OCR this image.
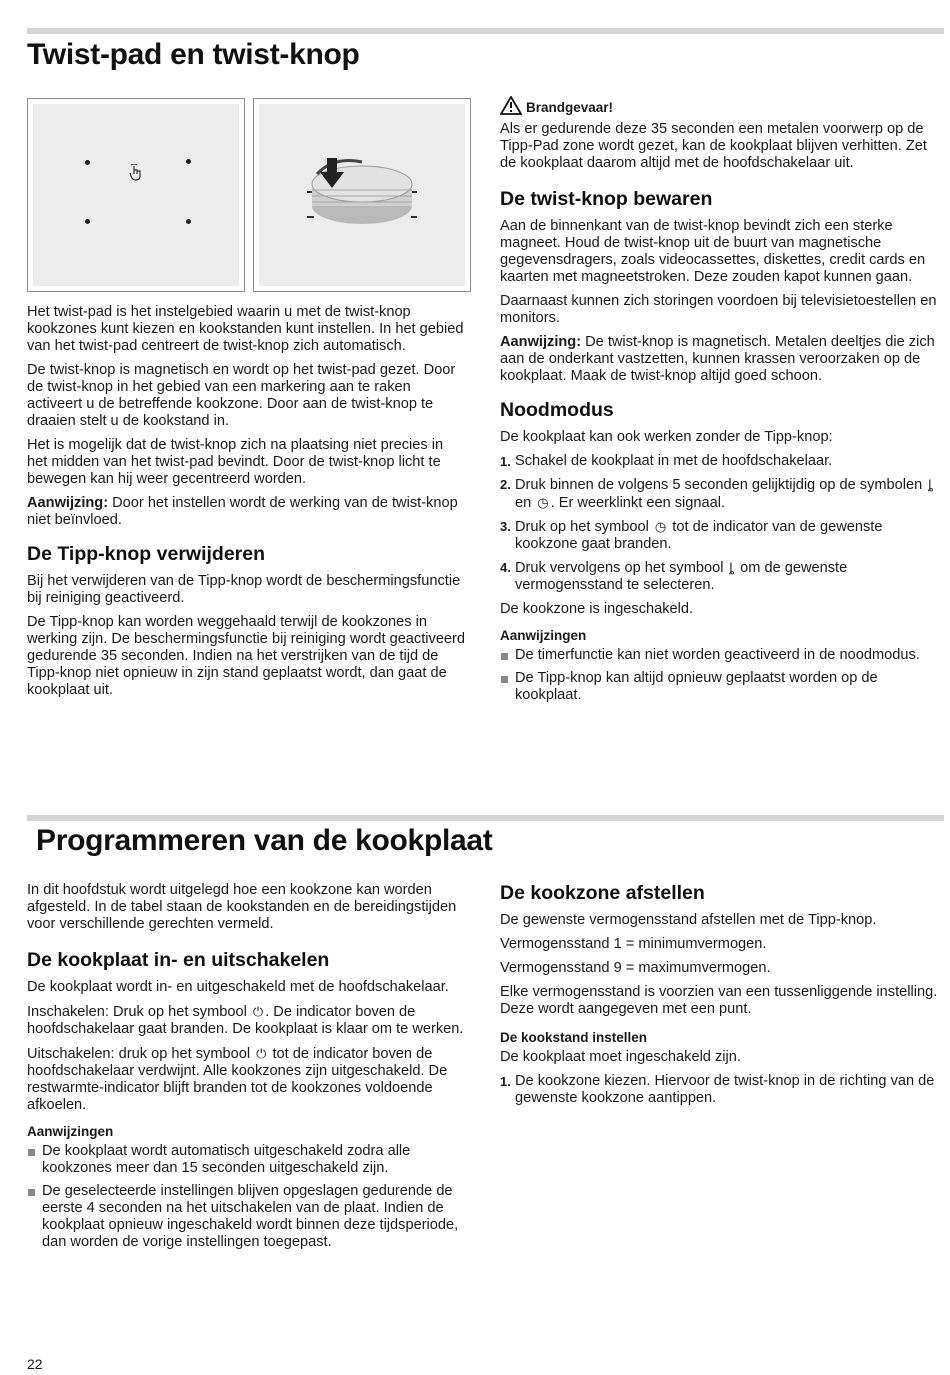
Twist-pad en twist-knop

Het twist-pad is het instelgebied waarin u met de twist-knop kookzones kunt kiezen en kookstanden kunt instellen. In het gebied van het twist-pad centreert de twist-knop zich automatisch.

De twist-knop is magnetisch en wordt op het twist-pad gezet. Door de twist-knop in het gebied van een markering aan te raken activeert u de betreffende kookzone. Door aan de twist-knop te draaien stelt u de kookstand in.

Het is mogelijk dat de twist-knop zich na plaatsing niet precies in het midden van het twist-pad bevindt. Door de twist-knop licht te bewegen kan hij weer gecentreerd worden.

Aanwijzing: Door het instellen wordt de werking van de twist-knop niet beïnvloed.

De Tipp-knop verwijderen

Bij het verwijderen van de Tipp-knop wordt de beschermingsfunctie bij reiniging geactiveerd.

De Tipp-knop kan worden weggehaald terwijl de kookzones in werking zijn. De beschermingsfunctie bij reiniging wordt geactiveerd gedurende 35 seconden. Indien na het verstrijken van de tijd de Tipp-knop niet opnieuw in zijn stand geplaatst wordt, dan gaat de kookplaat uit.

Brandgevaar!

Als er gedurende deze 35 seconden een metalen voorwerp op de Tipp-Pad zone wordt gezet, kan de kookplaat blijven verhitten. Zet de kookplaat daarom altijd met de hoofdschakelaar uit.

De twist-knop bewaren

Aan de binnenkant van de twist-knop bevindt zich een sterke magneet. Houd de twist-knop uit de buurt van magnetische gegevensdragers, zoals videocassettes, diskettes, credit cards en kaarten met magneetstroken. Deze zouden kapot kunnen gaan.

Daarnaast kunnen zich storingen voordoen bij televisietoestellen en monitors.

Aanwijzing: De twist-knop is magnetisch. Metalen deeltjes die zich aan de onderkant vastzetten, kunnen krassen veroorzaken op de kookplaat. Maak de twist-knop altijd goed schoon.

Noodmodus

De kookplaat kan ook werken zonder de Tipp-knop:

1. Schakel de kookplaat in met de hoofdschakelaar.
2. Druk binnen de volgens 5 seconden gelijktijdig op de symbolen ȴ en ◷ . Er weerklinkt een signaal.
3. Druk op het symbool ◷ tot de indicator van de gewenste kookzone gaat branden.
4. Druk vervolgens op het symbool ȴ om de gewenste vermogensstand te selecteren.

De kookzone is ingeschakeld.

Aanwijzingen
De timerfunctie kan niet worden geactiveerd in de noodmodus.
De Tipp-knop kan altijd opnieuw geplaatst worden op de kookplaat.
Programmeren van de kookplaat

In dit hoofdstuk wordt uitgelegd hoe een kookzone kan worden afgesteld. In de tabel staan de kookstanden en de bereidingstijden voor verschillende gerechten vermeld.

De kookplaat in- en uitschakelen

De kookplaat wordt in- en uitgeschakeld met de hoofdschakelaar.

Inschakelen: Druk op het symbool ⏻ . De indicator boven de hoofdschakelaar gaat branden. De kookplaat is klaar om te werken.

Uitschakelen: druk op het symbool ⏻ tot de indicator boven de hoofdschakelaar verdwijnt. Alle kookzones zijn uitgeschakeld. De restwarmte-indicator blijft branden tot de kookzones voldoende afkoelen.

Aanwijzingen
De kookplaat wordt automatisch uitgeschakeld zodra alle kookzones meer dan 15 seconden uitgeschakeld zijn.
De geselecteerde instellingen blijven opgeslagen gedurende de eerste 4 seconden na het uitschakelen van de plaat. Indien de kookplaat opnieuw ingeschakeld wordt binnen deze tijdsperiode, dan worden de vorige instellingen toegepast.
De kookzone afstellen

De gewenste vermogensstand afstellen met de Tipp-knop.

Vermogensstand 1 = minimumvermogen.

Vermogensstand 9 = maximumvermogen.

Elke vermogensstand is voorzien van een tussenliggende instelling. Deze wordt aangegeven met een punt.

De kookstand instellen

De kookplaat moet ingeschakeld zijn.

1. De kookzone kiezen. Hiervoor de twist-knop in de richting van de gewenste kookzone aantippen.
22
